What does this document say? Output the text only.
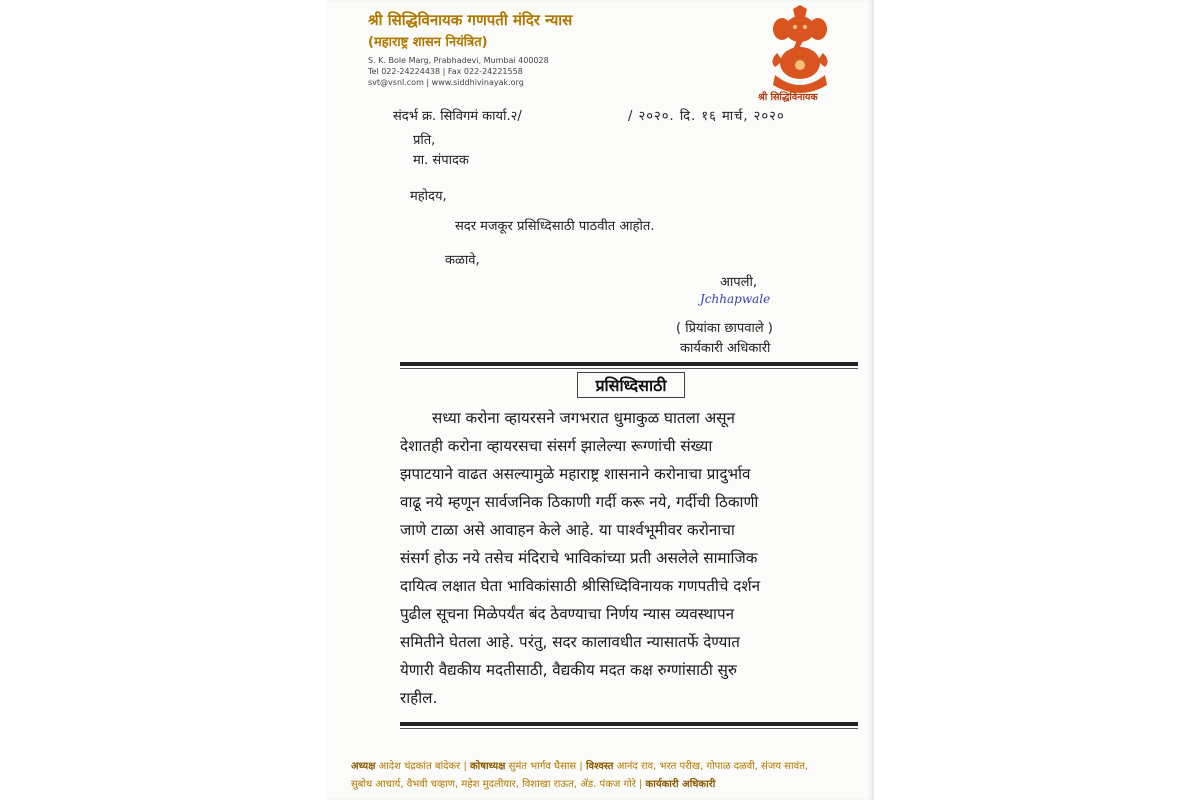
श्री सिद्धिविनायक गणपती मंदिर न्यास
(महाराष्ट्र शासन नियंत्रित)
S. K. Bole Marg, Prabhadevi, Mumbai 400028
Tel 022-24224438 | Fax 022-24221558
svt@vsnl.com | www.siddhivinayak.org
श्री सिद्धिविनायक
संदर्भ क्र. सिविगमं कार्या.२/	/ २०२०. दि. १६ मार्च, २०२०
प्रति,
मा. संपादक
महोदय,
सदर मजकूर प्रसिध्दिसाठी पाठवीत आहोत.
कळावे,
आपली,
Jchhapwale
( प्रियांका छापवाले )
कार्यकारी अधिकारी
प्रसिध्दिसाठी
सध्या करोना व्हायरसने जगभरात धुमाकुळ घातला असून
देशातही करोना व्हायरसचा संसर्ग झालेल्या रूग्णांची संख्या
झपाटयाने वाढत असल्यामुळे महाराष्ट्र शासनाने करोनाचा प्रादुर्भाव
वाढू नये म्हणून सार्वजनिक ठिकाणी गर्दी करू नये, गर्दीची ठिकाणी
जाणे टाळा असे आवाहन केले आहे. या पार्श्वभूमीवर करोनाचा
संसर्ग होऊ नये तसेच मंदिराचे भाविकांच्या प्रती असलेले सामाजिक
दायित्व लक्षात घेता भाविकांसाठी श्रीसिध्दिविनायक गणपतीचे दर्शन
पुढील सूचना मिळेपर्यंत बंद ठेवण्याचा निर्णय न्यास व्यवस्थापन
समितीने घेतला आहे. परंतु, सदर कालावधीत न्यासातर्फे देण्यात
येणारी वैद्यकीय मदतीसाठी, वैद्यकीय मदत कक्ष रुग्णांसाठी सुरु
राहील.
अध्यक्ष आदेश चंद्रकांत बांदेकर | कोषाध्यक्ष सुमंत भार्गव घैसास | विश्वस्त आनंद राव, भरत परीख, गोपाळ दळवी, संजय सावंत,
सुबोध आचार्य, वैभवी चव्हाण, महेश मुदलीयार, विशाखा राऊत, ॲड. पंकज गोरे | कार्यकारी अधिकारी
